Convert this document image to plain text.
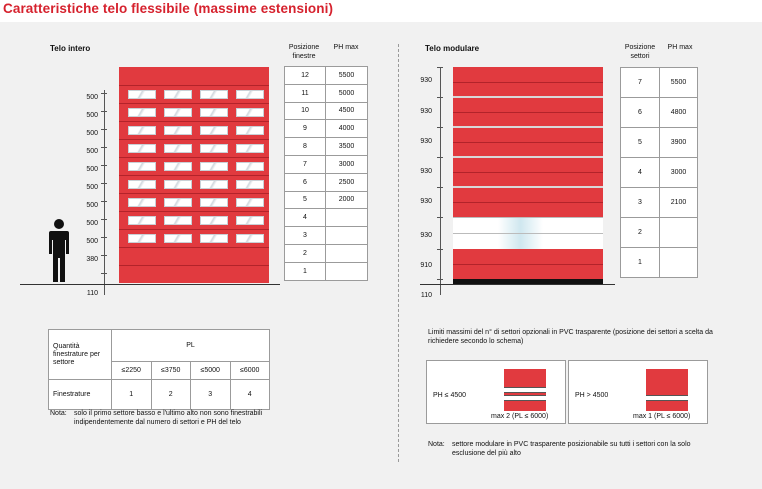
Caratteristiche telo flessibile (massime estensioni)
Telo intero
500
500
500
500
500
500
500
500
500
380
110
Posizione finestre
PH max
12	5500
11	5000
10	4500
9	4000
8	3500
7	3000
6	2500
5	2000
4	
3	
2	
1	
Quantità finestrature per settore	PL			
	≤2250	≤3750	≤5000	≤6000
Finestrature	1	2	3	4
Nota: solo il primo settore basso e l'ultimo alto non sono finestrabili indipendentemente dal numero di settori e PH del telo
Telo modulare
930
930
930
930
930
930
910
110
Posizione settori
PH max
7	5500
6	4800
5	3900
4	3000
3	2100
2	
1	
Limiti massimi del n° di settori opzionali in PVC trasparente (posizione dei settori a scelta da richiedere secondo lo schema)
PH ≤ 4500
max 2 (PL ≤ 6000)
PH > 4500
max 1 (PL ≤ 6000)
Nota: settore modulare in PVC trasparente posizionabile su tutti i settori con la solo esclusione del più alto
